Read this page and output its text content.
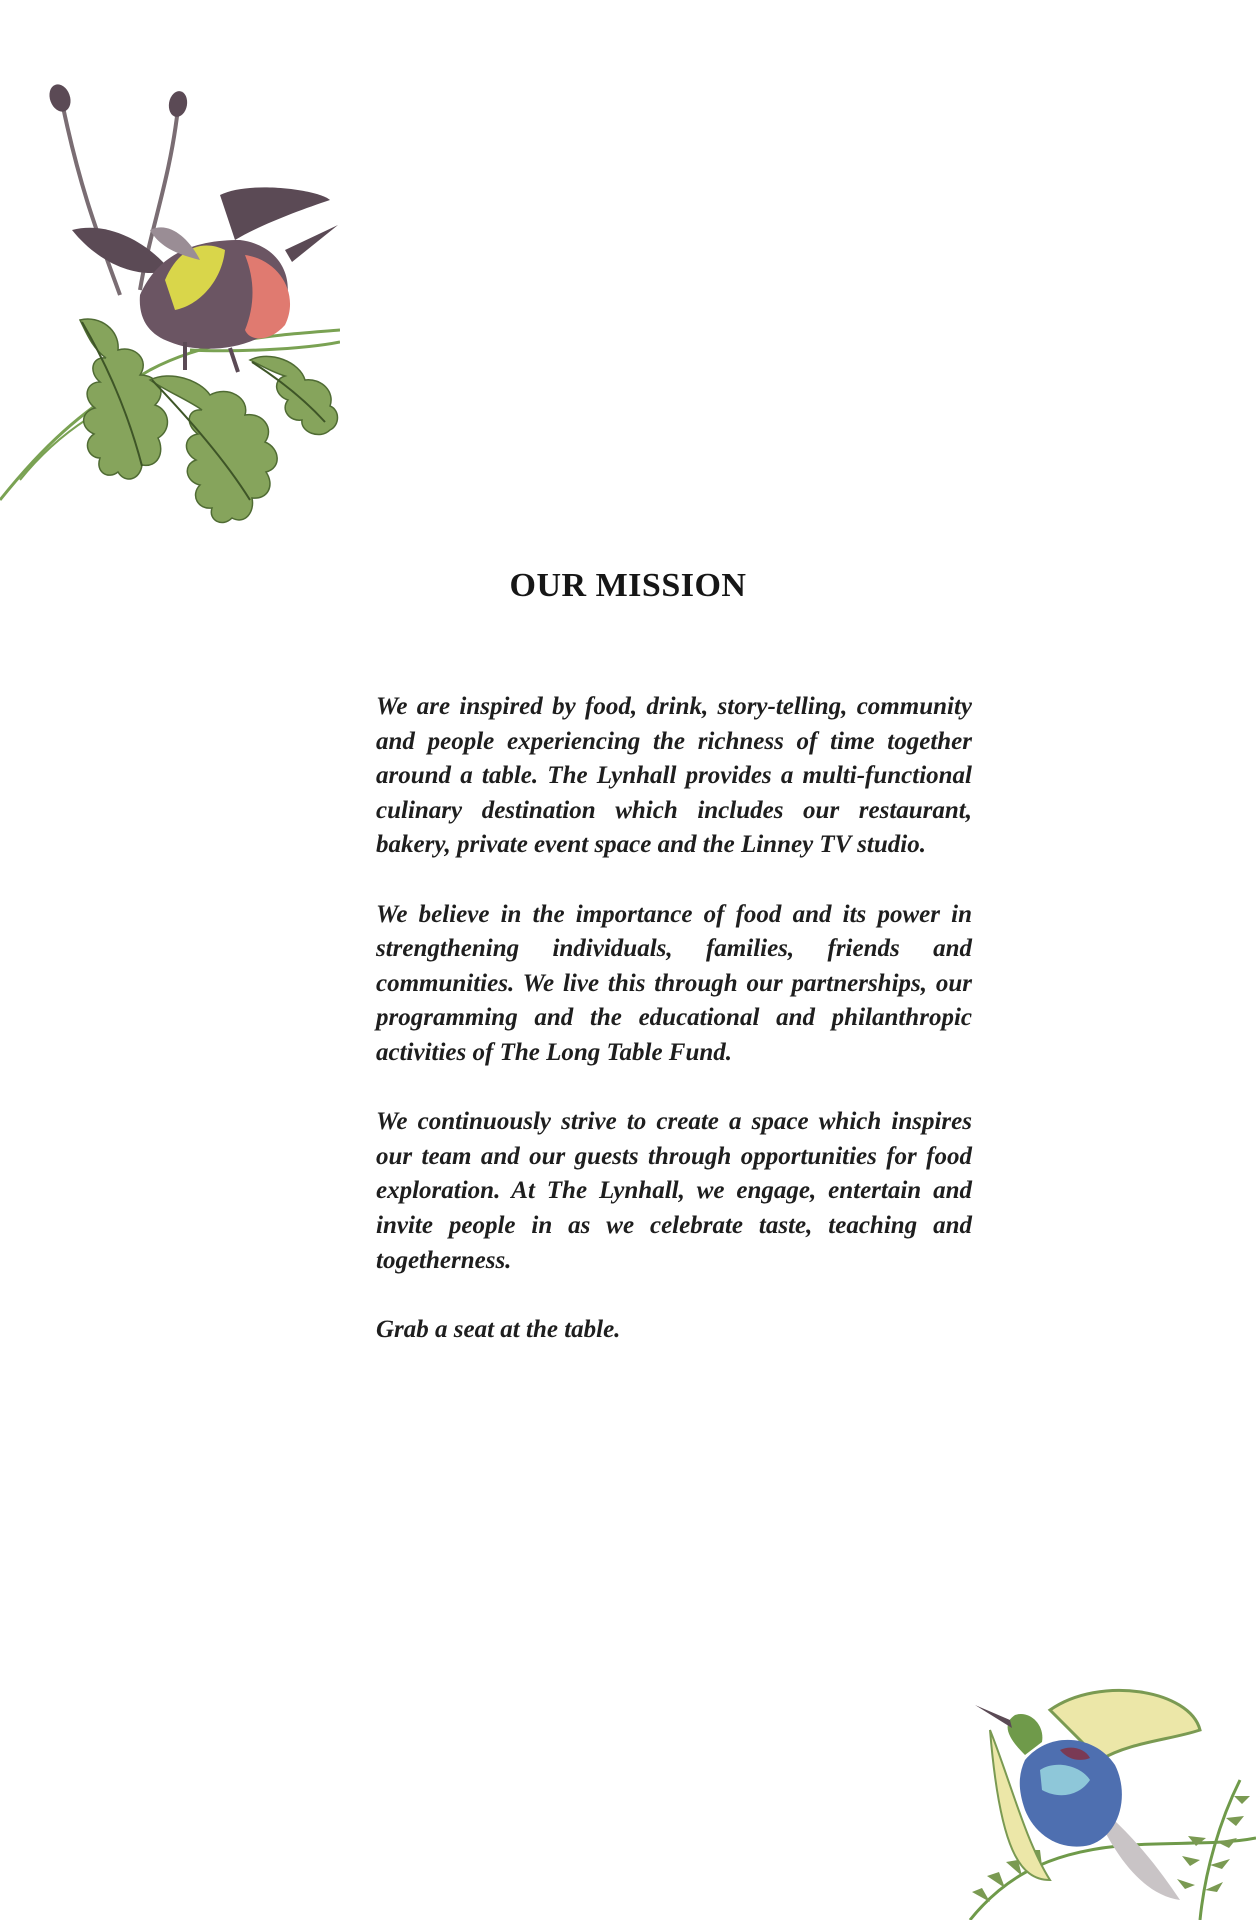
OUR MISSION

We are inspired by food, drink, story-telling, community and people experiencing the richness of time together around a table. The Lynhall provides a multi-functional culinary destination which includes our restaurant, bakery, private event space and the Linney TV studio.

We believe in the importance of food and its power in strengthening individuals, families, friends and communities. We live this through our partnerships, our programming and the educational and philanthropic activities of The Long Table Fund.

We continuously strive to create a space which inspires our team and our guests through opportunities for food exploration. At The Lynhall, we engage, entertain and invite people in as we celebrate taste, teaching and togetherness.

Grab a seat at the table.
